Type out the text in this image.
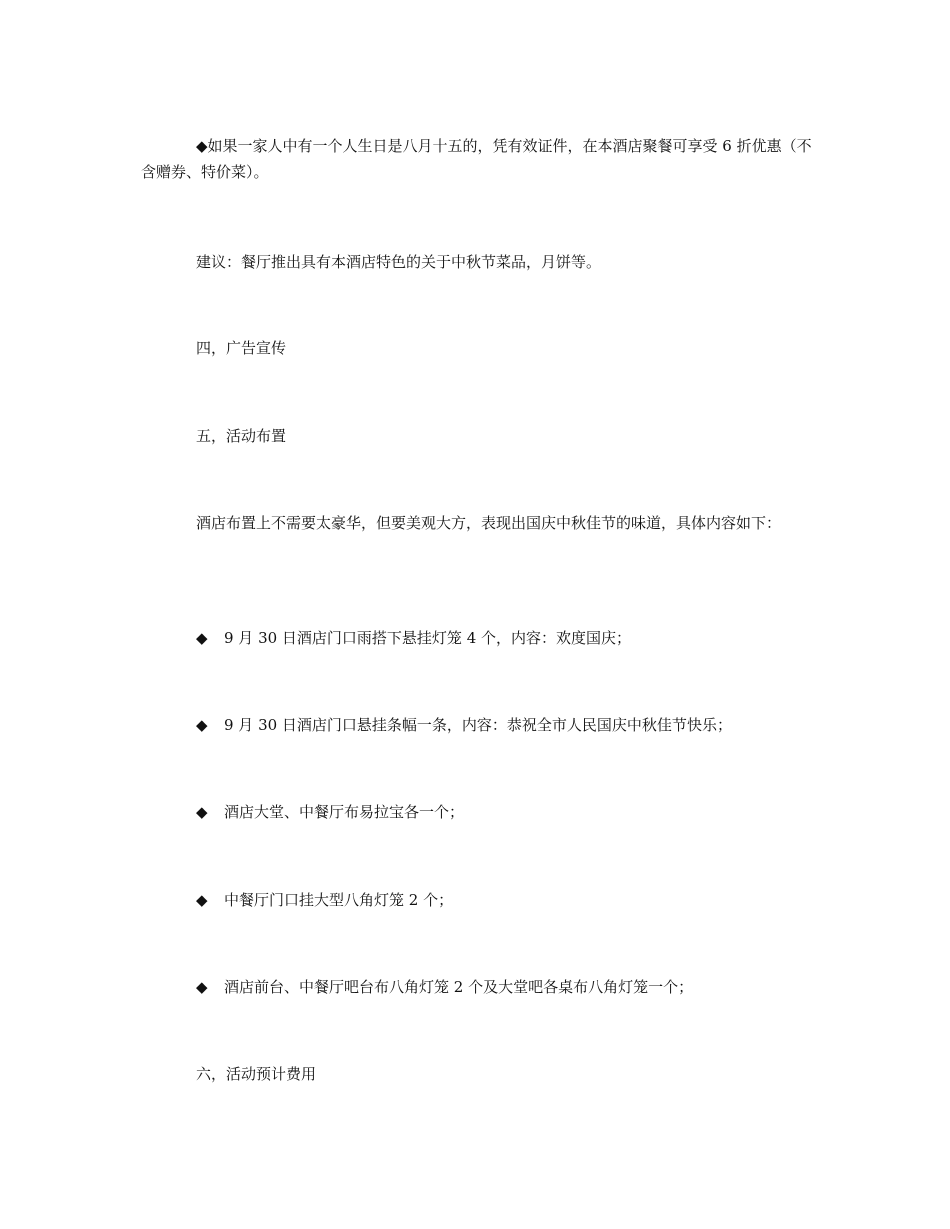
◆如果一家人中有一个人生日是八月十五的，凭有效证件，在本酒店聚餐可享受 6 折优惠（不含赠券、特价菜）。

建议：餐厅推出具有本酒店特色的关于中秋节菜品，月饼等。

四，广告宣传

五，活动布置

酒店布置上不需要太豪华，但要美观大方，表现出国庆中秋佳节的味道，具体内容如下：

◆ 9 月 30 日酒店门口雨搭下悬挂灯笼 4 个，内容：欢度国庆；

◆ 9 月 30 日酒店门口悬挂条幅一条，内容：恭祝全市人民国庆中秋佳节快乐；

◆ 酒店大堂、中餐厅布易拉宝各一个；

◆ 中餐厅门口挂大型八角灯笼 2 个；

◆ 酒店前台、中餐厅吧台布八角灯笼 2 个及大堂吧各桌布八角灯笼一个；

六，活动预计费用
